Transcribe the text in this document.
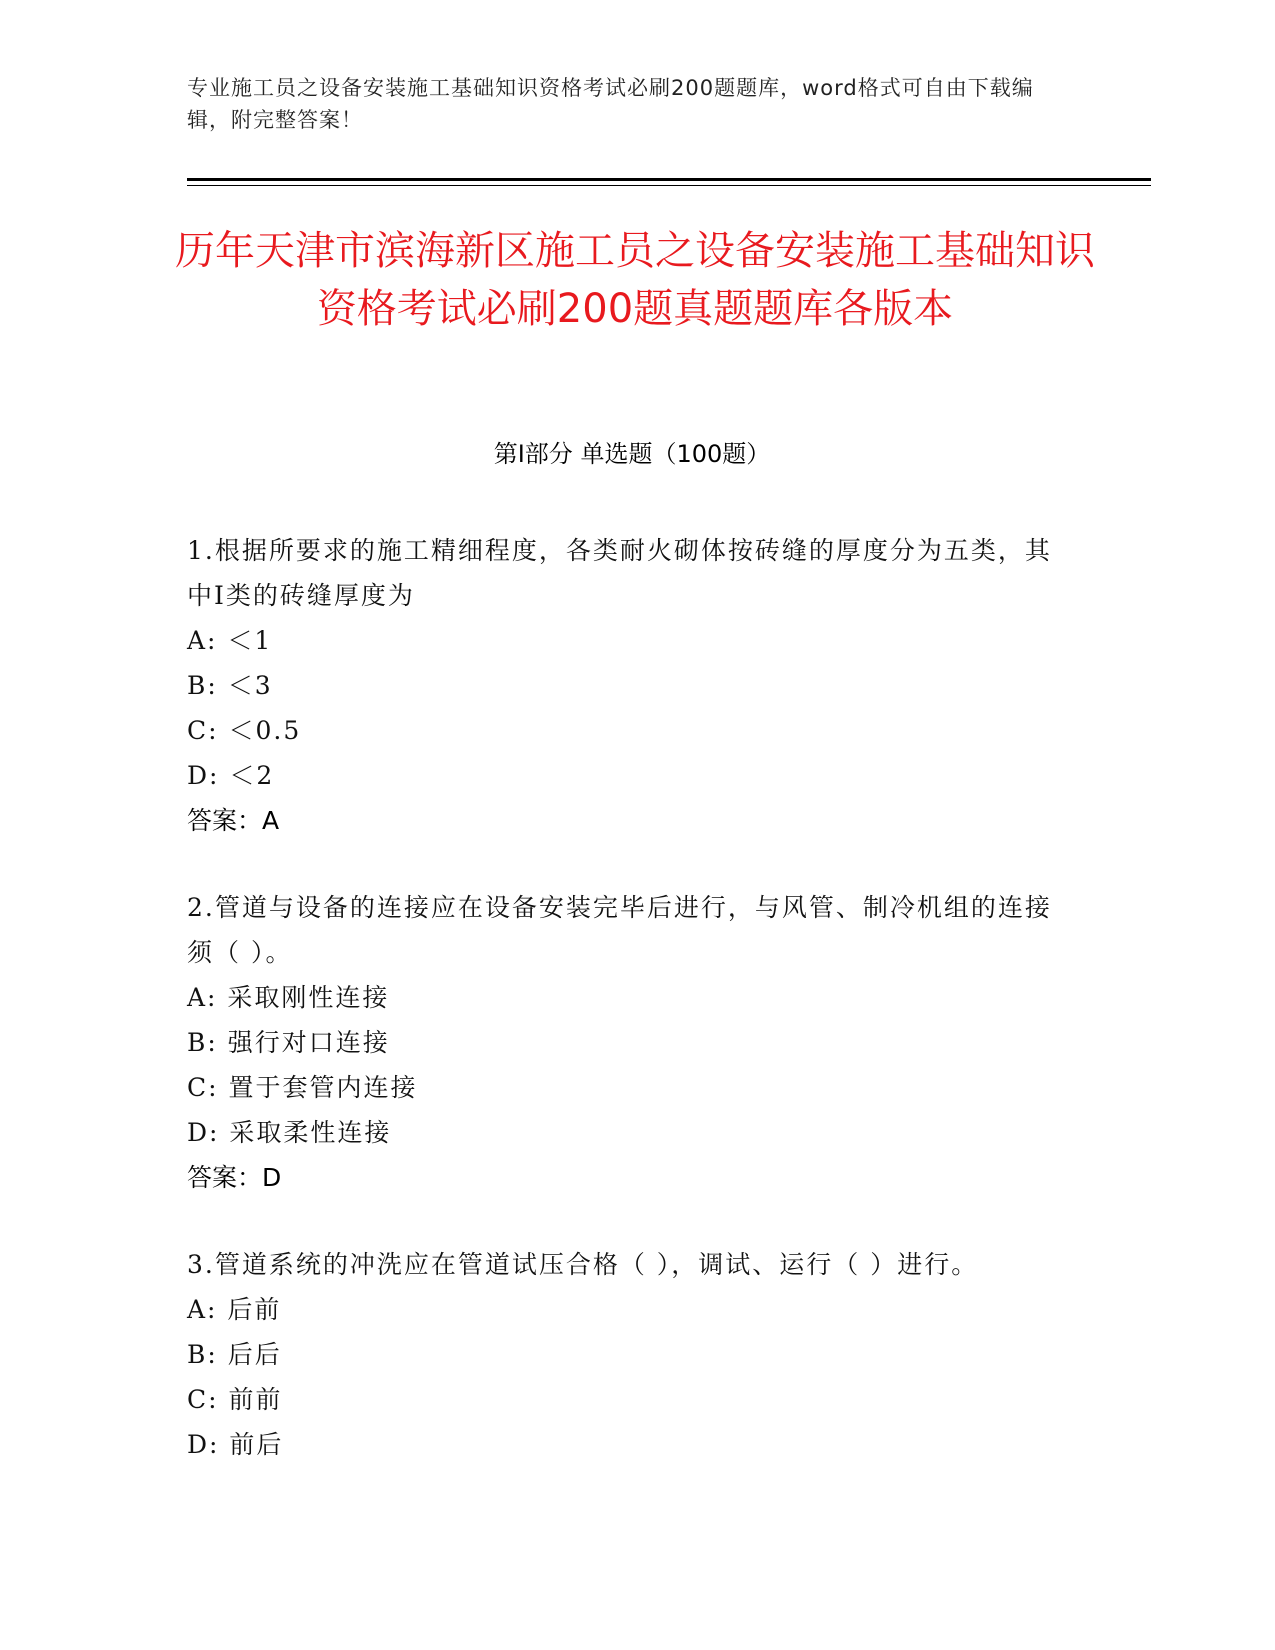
专业施工员之设备安装施工基础知识资格考试必刷200题题库，word格式可自由下载编辑，附完整答案！
历年天津市滨海新区施工员之设备安装施工基础知识资格考试必刷200题真题题库各版本
第Ⅰ部分 单选题（100题）
1.根据所要求的施工精细程度，各类耐火砌体按砖缝的厚度分为五类，其中Ⅰ类的砖缝厚度为
A: ＜1
B: ＜3
C: ＜0.5
D: ＜2
答案：A
2.管道与设备的连接应在设备安装完毕后进行，与风管、制冷机组的连接须（ ）。
A: 采取刚性连接
B: 强行对口连接
C: 置于套管内连接
D: 采取柔性连接
答案：D
3.管道系统的冲洗应在管道试压合格（ ），调试、运行（ ）进行。
A: 后前
B: 后后
C: 前前
D: 前后
